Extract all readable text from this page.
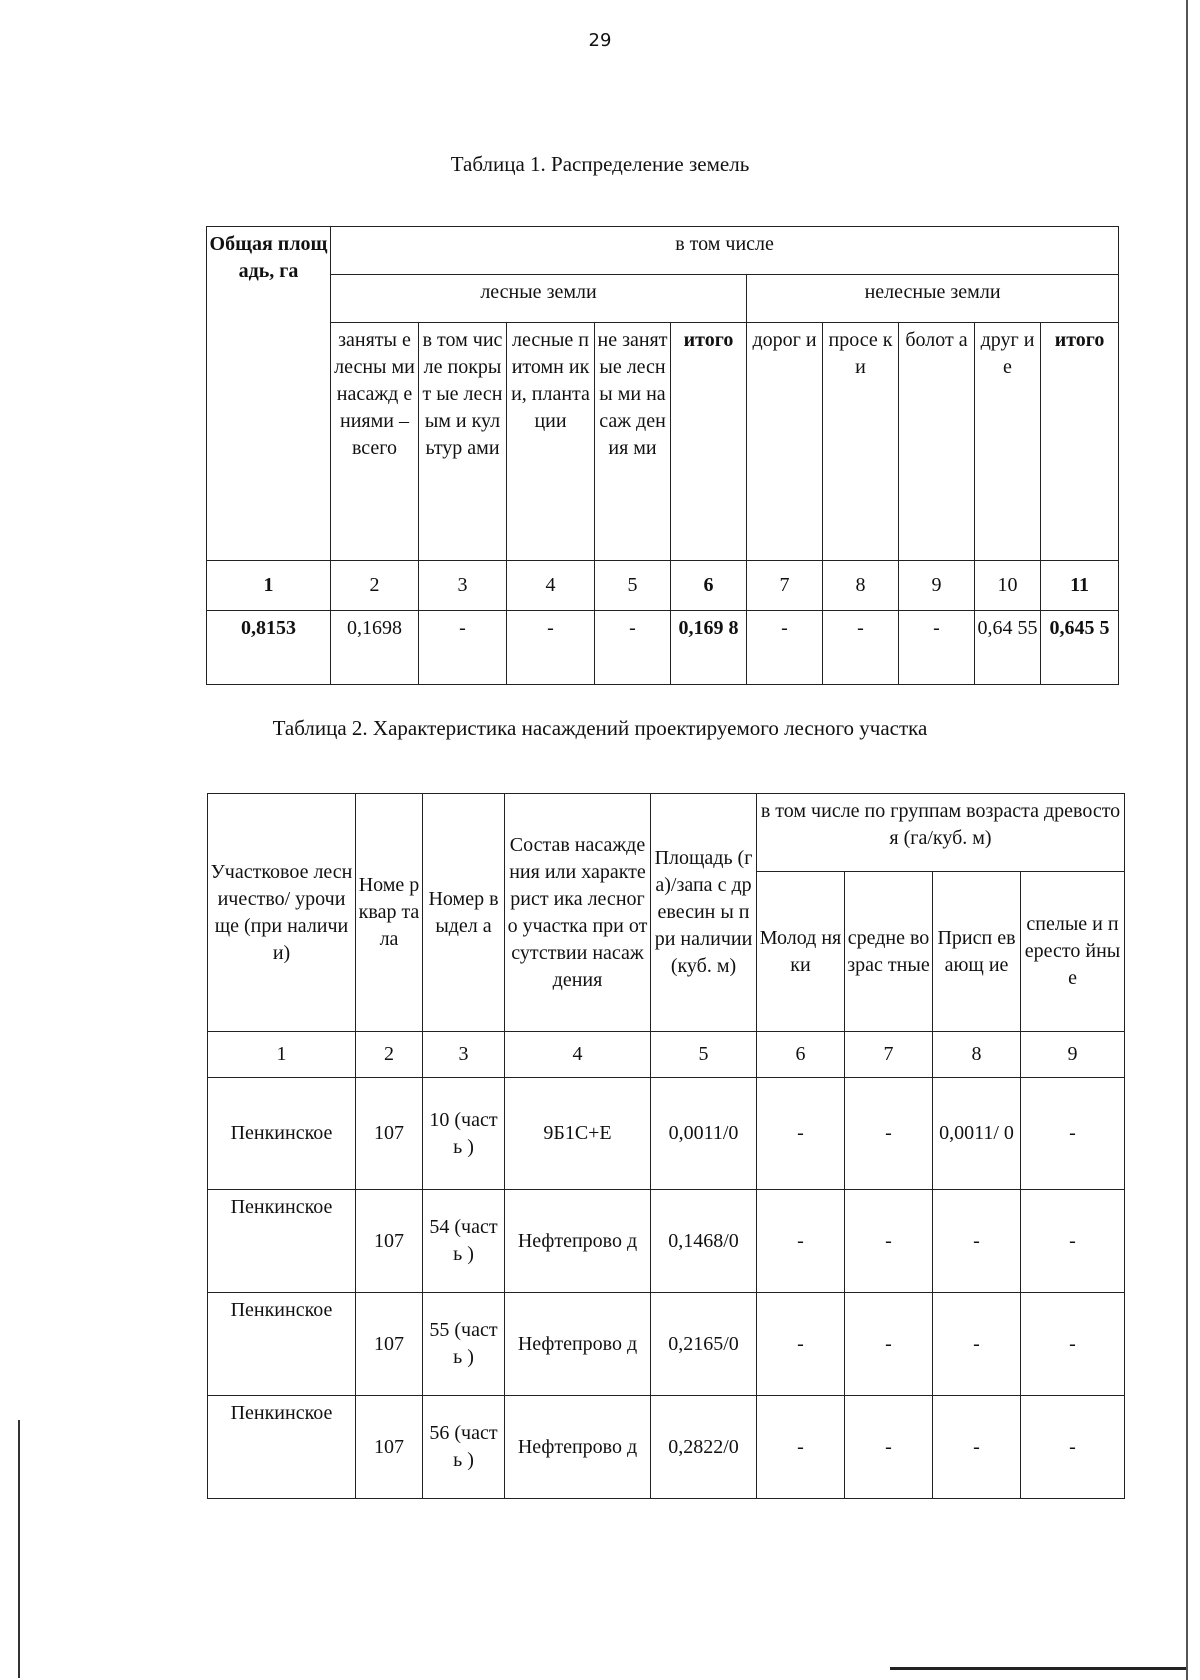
29
Таблица 1. Распределение земель
Общая площадь, га	в том числе									
	лесные земли					нелесные земли				
	заняты е лесны ми насажд ениями – всего	в том числе покрыт ые лесным и культур ами	лесные питомн ики, планта ции	не занят ые лесны ми насаж дения ми	итого	дорог и	просе ки	болот а	друг ие	итого
1	2	3	4	5	6	7	8	9	10	11
0,8153	0,1698	-	-	-	0,169 8	-	-	-	0,64 55	0,645 5
Таблица 2. Характеристика насаждений проектируемого лесного участка
Участковое лесничество/ урочище (при наличии)	Номе р квар тала	Номер выдел а	Состав насаждения или характерист ика лесного участка при отсутствии насаждения	Площадь (га)/запа с древесин ы при наличии (куб. м)	в том числе по группам возраста древостоя (га/куб. м)			
					Молод няки	средне возрас тные	Присп евающ ие	спелые и пересто йные
1	2	3	4	5	6	7	8	9
Пенкинское	107	10 (часть )	9Б1С+Е	0,0011/0	-	-	0,0011/ 0	-
Пенкинское	107	54 (часть )	Нефтепрово д	0,1468/0	-	-	-	-
Пенкинское	107	55 (часть )	Нефтепрово д	0,2165/0	-	-	-	-
Пенкинское	107	56 (часть )	Нефтепрово д	0,2822/0	-	-	-	-
